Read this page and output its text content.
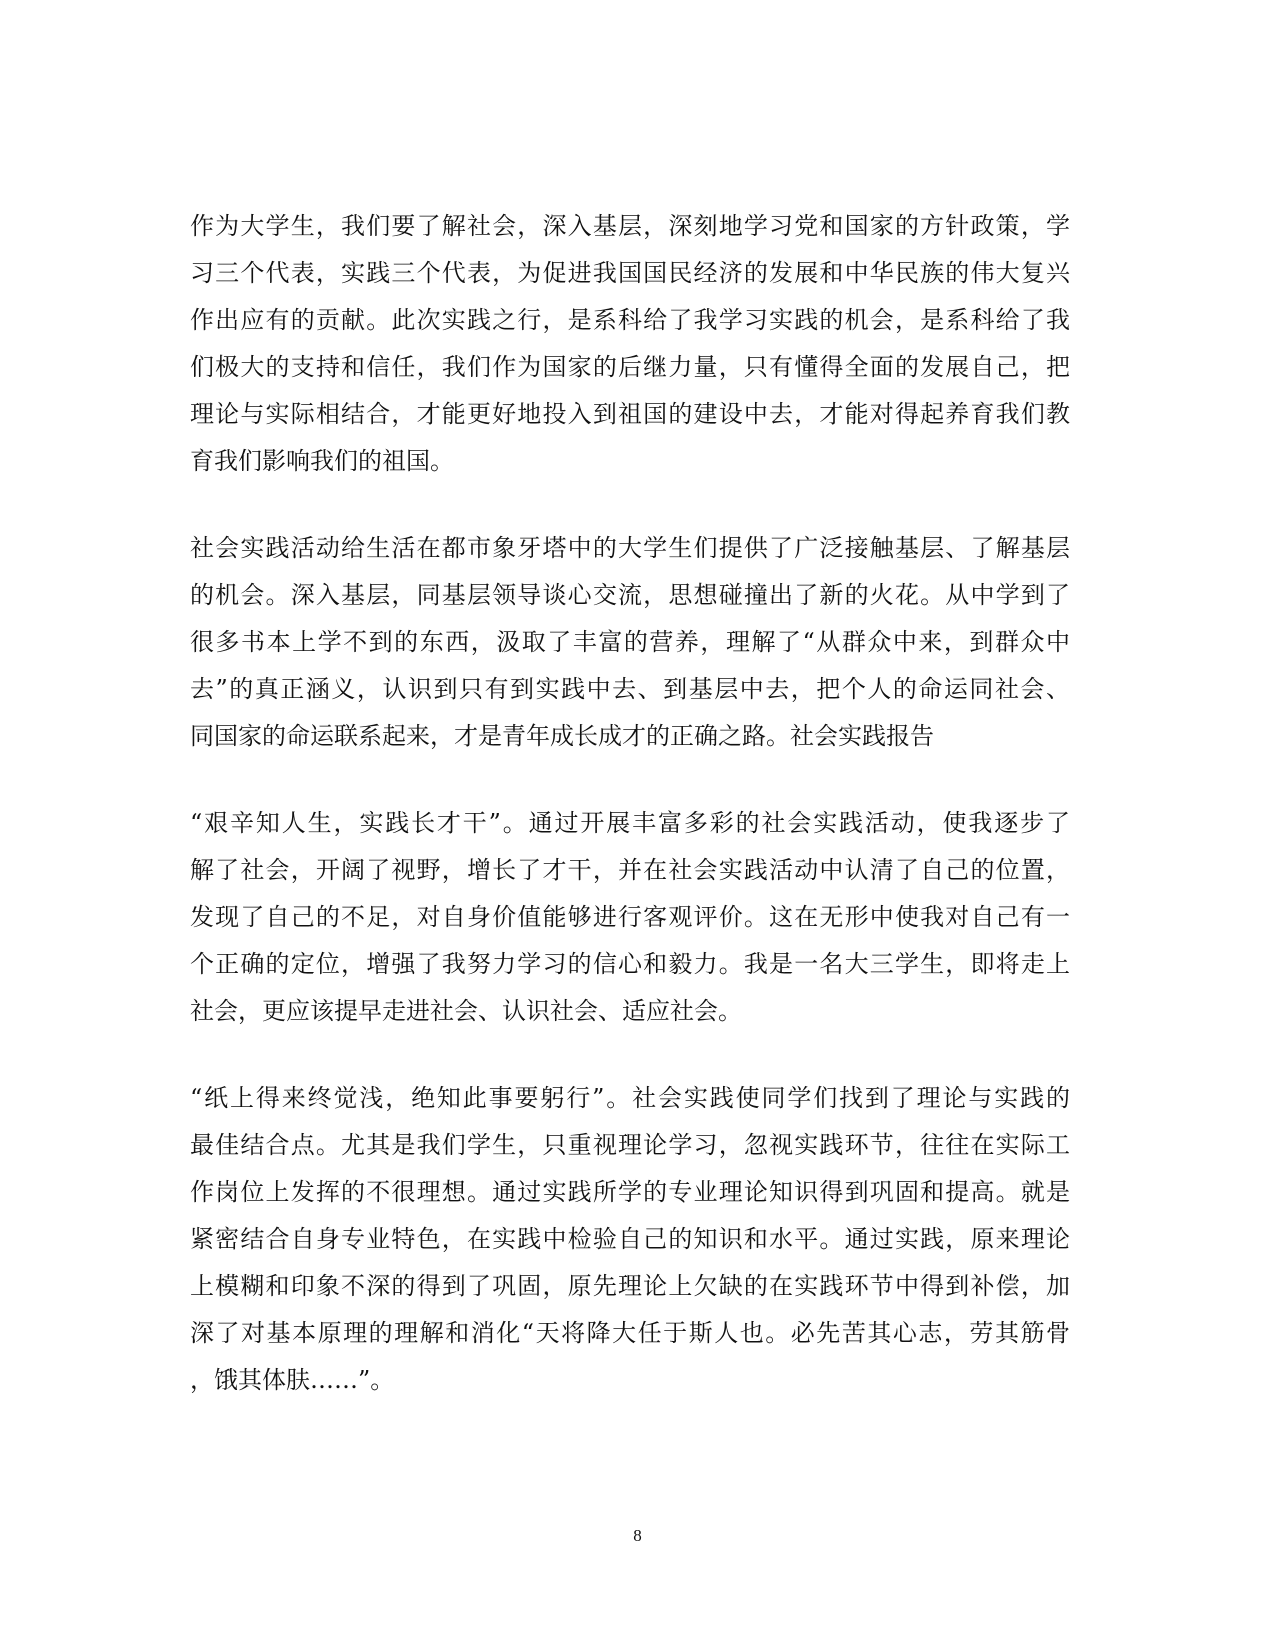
作为大学生，我们要了解社会，深入基层，深刻地学习党和国家的方针政策，学
习三个代表，实践三个代表，为促进我国国民经济的发展和中华民族的伟大复兴
作出应有的贡献。此次实践之行，是系科给了我学习实践的机会，是系科给了我
们极大的支持和信任，我们作为国家的后继力量，只有懂得全面的发展自己，把
理论与实际相结合，才能更好地投入到祖国的建设中去，才能对得起养育我们教
育我们影响我们的祖国。
社会实践活动给生活在都市象牙塔中的大学生们提供了广泛接触基层、了解基层
的机会。深入基层，同基层领导谈心交流，思想碰撞出了新的火花。从中学到了
很多书本上学不到的东西，汲取了丰富的营养，理解了“从群众中来，到群众中
去”的真正涵义，认识到只有到实践中去、到基层中去，把个人的命运同社会、
同国家的命运联系起来，才是青年成长成才的正确之路。社会实践报告
“艰辛知人生，实践长才干”。通过开展丰富多彩的社会实践活动，使我逐步了
解了社会，开阔了视野，增长了才干，并在社会实践活动中认清了自己的位置，
发现了自己的不足，对自身价值能够进行客观评价。这在无形中使我对自己有一
个正确的定位，增强了我努力学习的信心和毅力。我是一名大三学生，即将走上
社会，更应该提早走进社会、认识社会、适应社会。
“纸上得来终觉浅，绝知此事要躬行”。社会实践使同学们找到了理论与实践的
最佳结合点。尤其是我们学生，只重视理论学习，忽视实践环节，往往在实际工
作岗位上发挥的不很理想。通过实践所学的专业理论知识得到巩固和提高。就是
紧密结合自身专业特色，在实践中检验自己的知识和水平。通过实践，原来理论
上模糊和印象不深的得到了巩固，原先理论上欠缺的在实践环节中得到补偿，加
深了对基本原理的理解和消化“天将降大任于斯人也。必先苦其心志，劳其筋骨
，饿其体肤……”。
8
